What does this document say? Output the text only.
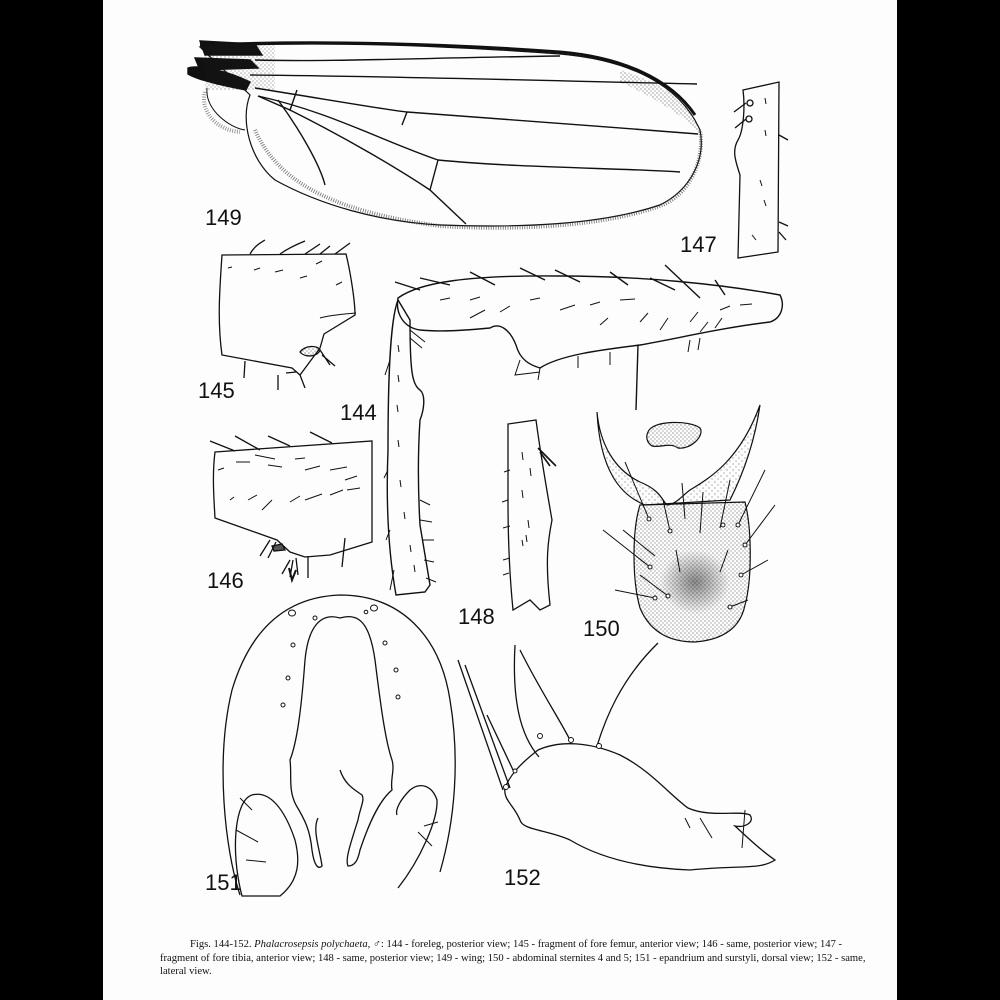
149
147
145
144
146
148	150
151	152
Figs. 144-152. Phalacrosepsis polychaeta, ♂: 144 - foreleg, posterior view; 145 - fragment of fore femur, anterior view; 146 - same, posterior view; 147 - fragment of fore tibia, anterior view; 148 - same, posterior view; 149 - wing; 150 - abdominal sternites 4 and 5; 151 - epandrium and surstyli, dorsal view; 152 - same, lateral view.
